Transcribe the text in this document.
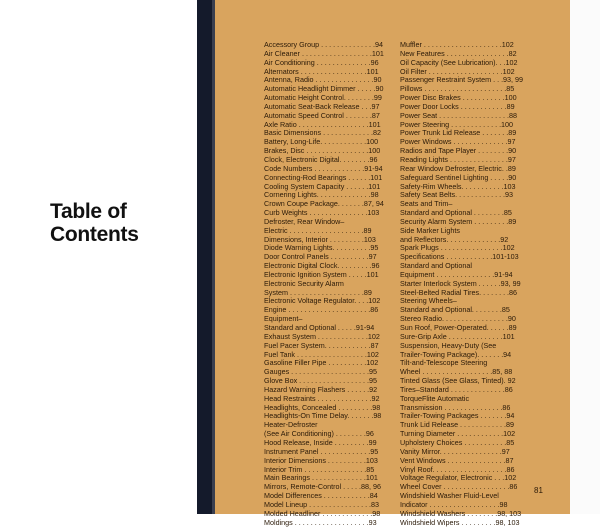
Table of
Contents
Accessory Group . . . . . . . . . . . . . .94
Air Cleaner . . . . . . . . . . . . . . . . . .101
Air Conditioning . . . . . . . . . . . . . .96
Alternators . . . . . . . . . . . . . . . . .101
Antenna, Radio . . . . . . . . . . . . . . .90
Automatic Headlight Dimmer . . . . .90
Automatic Height Control. . . . . . . .99
Automatic Seat-Back Release . . .97
Automatic Speed Control . . . . . . .87
Axle Ratio . . . . . . . . . . . . . . . . . .101
Basic Dimensions . . . . . . . . . . . . .82
Battery, Long-Life. . . . . . . . . . . .100
Brakes, Disc . . . . . . . . . . . . . . . .100
Clock, Electronic Digital. . . . . . . .96
Code Numbers . . . . . . . . . . . . .91-94
Connecting-Rod Bearings . . . . . .101
Cooling System Capacity . . . . . .101
Cornering Lights. . . . . . . . . . . . . .98
Crown Coupe Package. . . . . . .87, 94
Curb Weights . . . . . . . . . . . . . . .103
Defroster, Rear Window–
Electric . . . . . . . . . . . . . . . . . . .89
Dimensions, Interior . . . . . . . . .103
Diode Warning Lights. . . . . . . . . .95
Door Control Panels . . . . . . . . . .97
Electronic Digital Clock. . . . . . . . .96
Electronic Ignition System . . . . .101
Electronic Security Alarm
System . . . . . . . . . . . . . . . . . . .89
Electronic Voltage Regulator. . . .102
Engine . . . . . . . . . . . . . . . . . . . . .86
Equipment–
Standard and Optional . . . . .91-94
Exhaust System . . . . . . . . . . . . .102
Fuel Pacer System. . . . . . . . . . . .87
Fuel Tank . . . . . . . . . . . . . . . . . .102
Gasoline Filler Pipe . . . . . . . . . .102
Gauges . . . . . . . . . . . . . . . . . . . .95
Glove Box . . . . . . . . . . . . . . . . . .95
Hazard Warning Flashers . . . . . .92
Head Restraints . . . . . . . . . . . . . .92
Headlights, Concealed . . . . . . . . .98
Headlights-On Time Delay. . . . . . .98
Heater-Defroster
(See Air Conditioning) . . . . . . . .96
Hood Release, Inside . . . . . . . . .99
Instrument Panel . . . . . . . . . . . . .95
Interior Dimensions . . . . . . . . . .103
Interior Trim . . . . . . . . . . . . . . . .85
Main Bearings . . . . . . . . . . . . . .101
Mirrors, Remote-Control . . . . .88, 96
Model Differences . . . . . . . . . . . .84
Model Lineup . . . . . . . . . . . . . . . .83
Molded Headliner . . . . . . . . . . . . .98
Moldings . . . . . . . . . . . . . . . . . . .93
Muffler . . . . . . . . . . . . . . . . . . . .102
New Features . . . . . . . . . . . . . . . .82
Oil Capacity (See Lubrication). . .102
Oil Filter . . . . . . . . . . . . . . . . . . .102
Passenger Restraint System . . .93, 99
Pillows . . . . . . . . . . . . . . . . . . . . .85
Power Disc Brakes . . . . . . . . . . .100
Power Door Locks . . . . . . . . . . . .89
Power Seat . . . . . . . . . . . . . . . . . .88
Power Steering . . . . . . . . . . . . .100
Power Trunk Lid Release . . . . . . .89
Power Windows . . . . . . . . . . . . . .97
Radios and Tape Player . . . . . . . .90
Reading Lights . . . . . . . . . . . . . . .97
Rear Window Defroster, Electric. .89
Safeguard Sentinel Lighting . . . . .90
Safety-Rim Wheels. . . . . . . . . . .103
Safety Seat Belts. . . . . . . . . . . . .93
Seats and Trim–
Standard and Optional . . . . . . . .85
Security Alarm System . . . . . . . . .89
Side Marker Lights
and Reflectors. . . . . . . . . . . . . .92
Spark Plugs . . . . . . . . . . . . . . . .102
Specifications . . . . . . . . . . . .101-103
Standard and Optional
Equipment . . . . . . . . . . . . . . .91-94
Starter Interlock System . . . . . .93, 99
Steel-Belted Radial Tires. . . . . . . .86
Steering Wheels–
Standard and Optional. . . . . . . .85
Stereo Radio. . . . . . . . . . . . . . . . .90
Sun Roof, Power-Operated. . . . . .89
Sure-Grip Axle . . . . . . . . . . . . . .101
Suspension, Heavy-Duty (See
Trailer-Towing Package). . . . . . .94
Tilt-and-Telescope Steering
Wheel . . . . . . . . . . . . . . . . . .85, 88
Tinted Glass (See Glass, Tinted). 92
Tires–Standard . . . . . . . . . . . . . .86
TorqueFlite Automatic
Transmission . . . . . . . . . . . . . . .86
Trailer-Towing Packages . . . . . . .94
Trunk Lid Release . . . . . . . . . . . .89
Turning Diameter . . . . . . . . . . . .102
Upholstery Choices . . . . . . . . . . .85
Vanity Mirror. . . . . . . . . . . . . . . .97
Vent Windows . . . . . . . . . . . . . . .87
Vinyl Roof. . . . . . . . . . . . . . . . . . .86
Voltage Regulator, Electronic . . .102
Wheel Cover . . . . . . . . . . . . . . . . .86
Windshield Washer Fluid-Level
Indicator . . . . . . . . . . . . . . . . . .98
Windshield Washers . . . . . . . .98, 103
Windshield Wipers . . . . . . . . .98, 103
81
